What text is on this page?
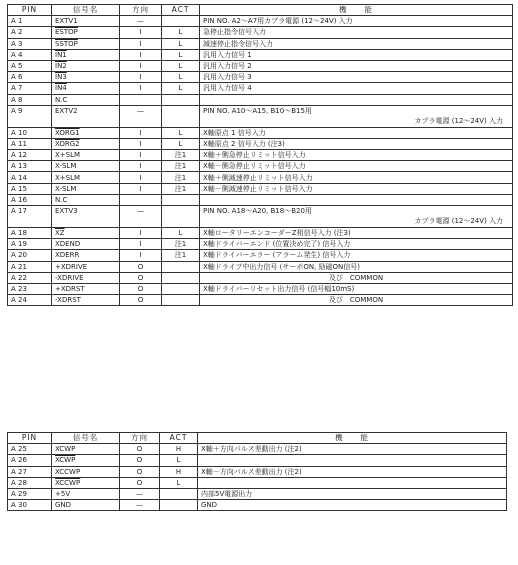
PIN	信号名	方向	ACT	機　　能
A 1	EXTV1	—		PIN NO. A2～A7用カプラ電源 (12～24V) 入力

A 2	ESTOP	I	L	急停止指令信号入力

A 3	SSTOP	I	L	減速停止指令信号入力

A 4	IN1	I	L	汎用入力信号 1

A 5	IN2	I	L	汎用入力信号 2

A 6	IN3	I	L	汎用入力信号 3

A 7	IN4	I	L	汎用入力信号 4

A 8	N.C			

A 9	EXTV2	—		PIN NO. A10～A15, B10～B15用
カプラ電源 (12～24V) 入力

A 10	XORG1	I	L	X軸原点 1 信号入力

A 11	XORG2	I	L	X軸原点 2 信号入力 (注3)

A 12	X+SLM	I	注1	X軸＋側急停止リミット信号入力

A 13	X-SLM	I	注1	X軸－側急停止リミット信号入力

A 14	X+SLM	I	注1	X軸＋側減速停止リミット信号入力

A 15	X-SLM	I	注1	X軸－側減速停止リミット信号入力

A 16	N.C			

A 17	EXTV3	—		PIN NO. A18～A20, B18～B20用
カプラ電源 (12～24V) 入力

A 18	$\overline{XZ}$	I	L	X軸ロータリーエンコーダーZ相信号入力 (注3)

A 19	XDEND	I	注1	X軸ドライバーエンド (位置決め完了) 信号入力

A 20	XDERR	I	注1	X軸ドライバーエラー (アラーム発生) 信号入力

A 21	+XDRIVE	O		X軸ドライブ中出力信号 (サーボON, 励磁ON信号)

A 22	-XDRIVE	O		及び　COMMON

A 23	+XDRST	O		X軸ドライバーリセット出力信号 (信号幅10mS)

A 24	-XDRST	O		及び　COMMON
PIN	信号名	方向	ACT	機　　能
A 25	XCWP	O	H	X軸＋方向パルス差動出力 (注2)

A 26	XCWP	O	L	

A 27	XCCWP	O	H	X軸－方向パルス差動出力 (注2)

A 28	XCCWP	O	L	

A 29	+5V	—		内部5V電源出力

A 30	GND	—		GND
